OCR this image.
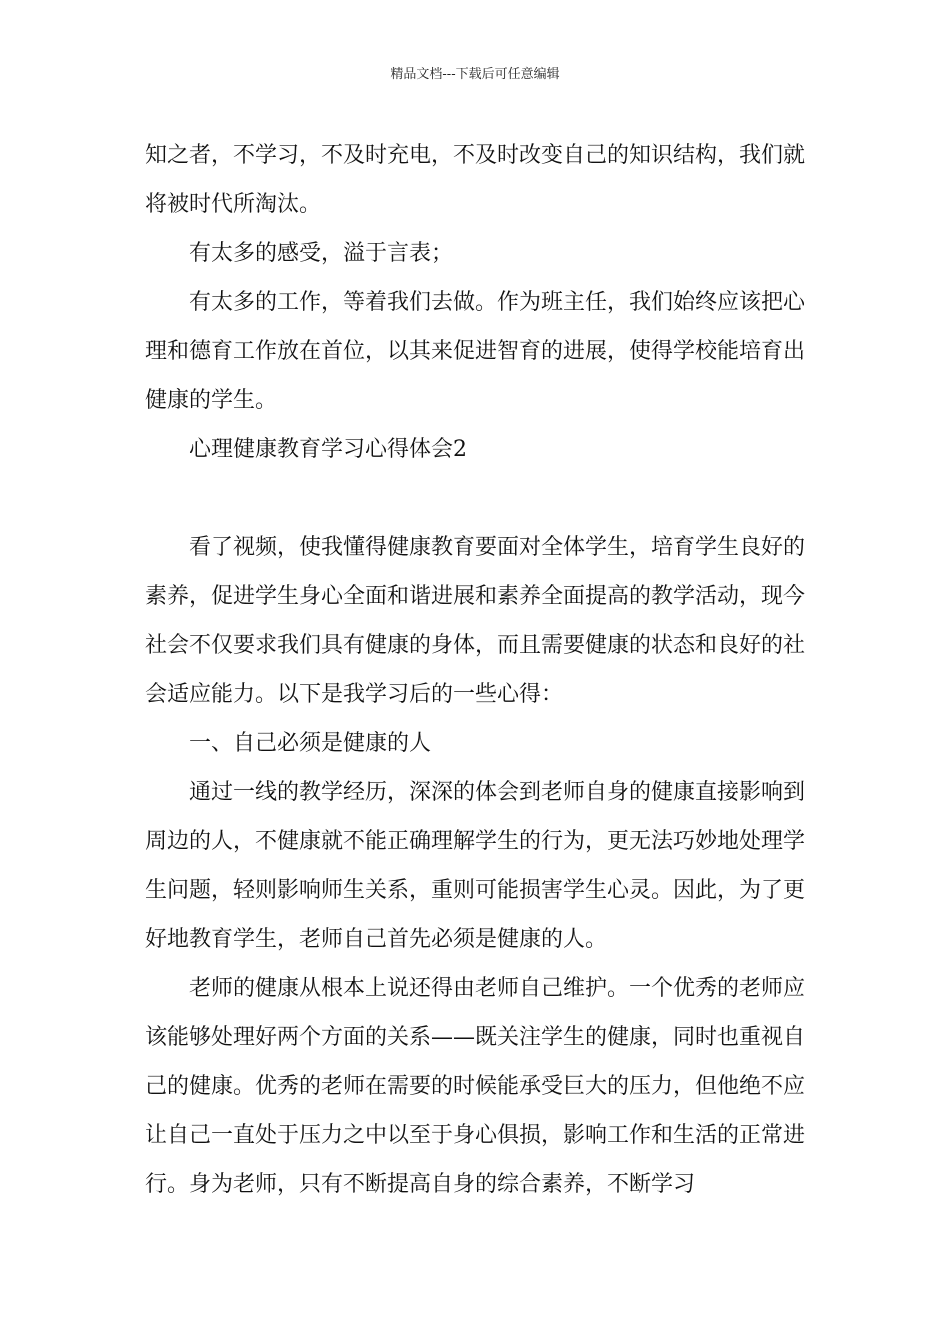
精品文档---下载后可任意编辑

知之者，不学习，不及时充电，不及时改变自己的知识结构，我们就将被时代所淘汰。

有太多的感受，溢于言表；

有太多的工作，等着我们去做。作为班主任，我们始终应该把心理和德育工作放在首位，以其来促进智育的进展，使得学校能培育出健康的学生。

心理健康教育学习心得体会2

看了视频，使我懂得健康教育要面对全体学生，培育学生良好的素养，促进学生身心全面和谐进展和素养全面提高的教学活动，现今社会不仅要求我们具有健康的身体，而且需要健康的状态和良好的社会适应能力。以下是我学习后的一些心得：

一、自己必须是健康的人

通过一线的教学经历，深深的体会到老师自身的健康直接影响到周边的人，不健康就不能正确理解学生的行为，更无法巧妙地处理学生问题，轻则影响师生关系，重则可能损害学生心灵。因此，为了更好地教育学生，老师自己首先必须是健康的人。

老师的健康从根本上说还得由老师自己维护。一个优秀的老师应该能够处理好两个方面的关系——既关注学生的健康，同时也重视自己的健康。优秀的老师在需要的时候能承受巨大的压力，但他绝不应让自己一直处于压力之中以至于身心俱损，影响工作和生活的正常进行。身为老师，只有不断提高自身的综合素养，不断学习
